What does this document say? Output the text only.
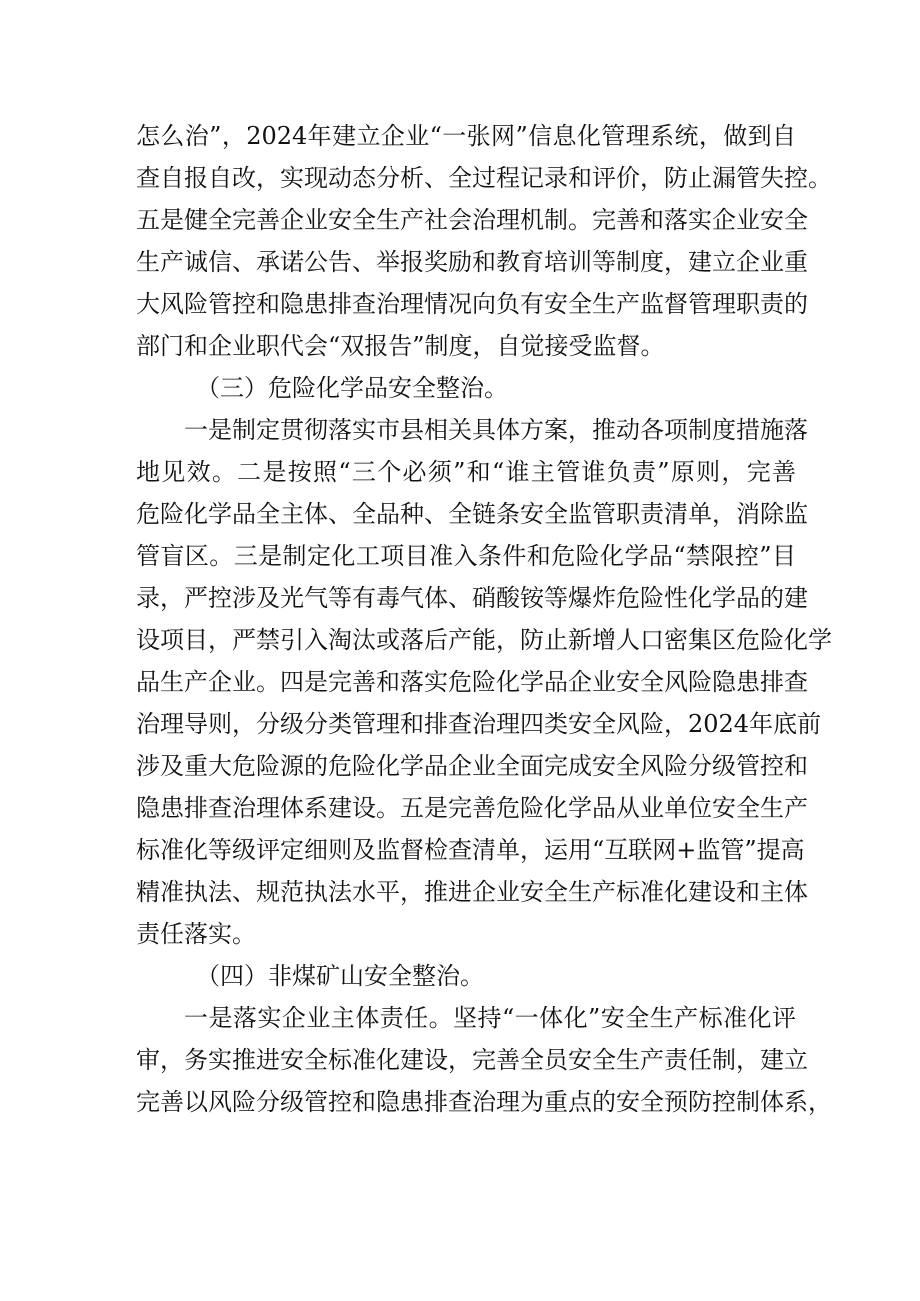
怎么治”，2024年建立企业“一张网”信息化管理系统，做到自
查自报自改，实现动态分析、全过程记录和评价，防止漏管失控。
五是健全完善企业安全生产社会治理机制。完善和落实企业安全
生产诚信、承诺公告、举报奖励和教育培训等制度，建立企业重
大风险管控和隐患排查治理情况向负有安全生产监督管理职责的
部门和企业职代会“双报告”制度，自觉接受监督。
（三）危险化学品安全整治。
一是制定贯彻落实市县相关具体方案，推动各项制度措施落
地见效。二是按照“三个必须”和“谁主管谁负责”原则，完善
危险化学品全主体、全品种、全链条安全监管职责清单，消除监
管盲区。三是制定化工项目准入条件和危险化学品“禁限控”目
录，严控涉及光气等有毒气体、硝酸铵等爆炸危险性化学品的建
设项目，严禁引入淘汰或落后产能，防止新增人口密集区危险化学
品生产企业。四是完善和落实危险化学品企业安全风险隐患排查
治理导则，分级分类管理和排查治理四类安全风险，2024年底前
涉及重大危险源的危险化学品企业全面完成安全风险分级管控和
隐患排查治理体系建设。五是完善危险化学品从业单位安全生产
标准化等级评定细则及监督检查清单，运用“互联网+监管”提高
精准执法、规范执法水平，推进企业安全生产标准化建设和主体
责任落实。
（四）非煤矿山安全整治。
一是落实企业主体责任。坚持“一体化”安全生产标准化评
审，务实推进安全标准化建设，完善全员安全生产责任制，建立
完善以风险分级管控和隐患排查治理为重点的安全预防控制体系，
